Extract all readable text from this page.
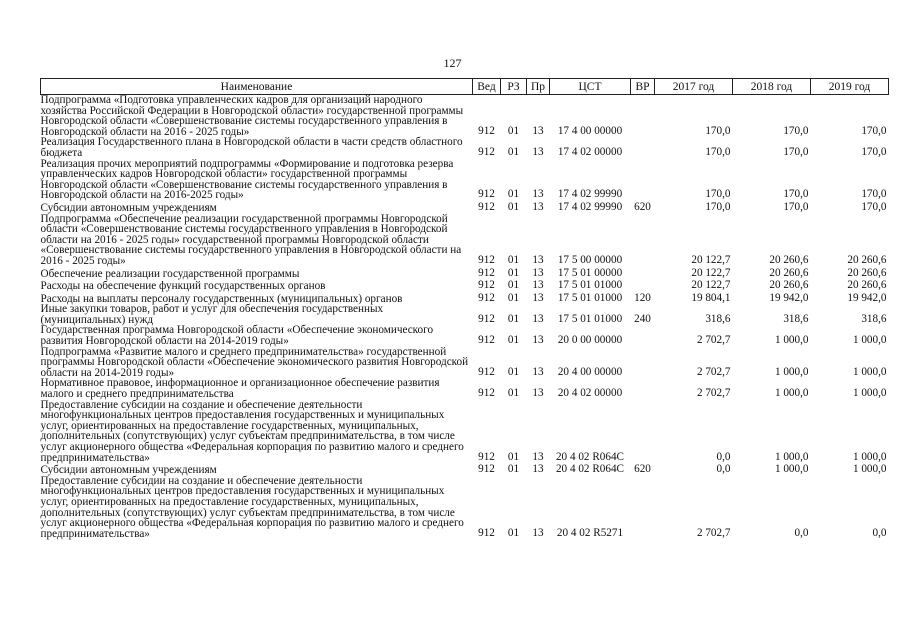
127
Наименование	Вед	РЗ	Пр	ЦСТ	ВР	2017 год	2018 год	2019 год
Подпрограмма «Подготовка управленческих кадров для организаций народного хозяйства Российской Федерации в Новгородской области» государственной программы Новгородской области «Совершенствование системы государственного управления в Новгородской области на 2016 - 2025 годы»	912	01	13	17 4 00 00000		170,0	170,0	170,0
Реализация Государственного плана в Новгородской области в части средств областного бюджета	912	01	13	17 4 02 00000		170,0	170,0	170,0
Реализация прочих мероприятий подпрограммы «Формирование и подготовка резерва управленческих кадров Новгородской области» государственной программы Новгородской области «Совершенствование системы государственного управления в Новгородской области на 2016-2025 годы»	912	01	13	17 4 02 99990		170,0	170,0	170,0
Субсидии автономным учреждениям	912	01	13	17 4 02 99990	620	170,0	170,0	170,0
Подпрограмма «Обеспечение реализации государственной программы Новгородской области «Совершенствование системы государственного управления в Новгородской области на 2016 - 2025 годы» государственной программы Новгородской области «Совершенствование системы государственного управления в Новгородской области на 2016 - 2025 годы»	912	01	13	17 5 00 00000		20 122,7	20 260,6	20 260,6
Обеспечение реализации государственной программы	912	01	13	17 5 01 00000		20 122,7	20 260,6	20 260,6
Расходы на обеспечение функций государственных органов	912	01	13	17 5 01 01000		20 122,7	20 260,6	20 260,6
Расходы на выплаты персоналу государственных (муниципальных) органов	912	01	13	17 5 01 01000	120	19 804,1	19 942,0	19 942,0
Иные закупки товаров, работ и услуг для обеспечения государственных (муниципальных) нужд	912	01	13	17 5 01 01000	240	318,6	318,6	318,6
Государственная программа Новгородской области «Обеспечение экономического развития Новгородской области на 2014-2019 годы»	912	01	13	20 0 00 00000		2 702,7	1 000,0	1 000,0
Подпрограмма «Развитие малого и среднего предпринимательства» государственной программы Новгородской области «Обеспечение экономического развития Новгородской области на 2014-2019 годы»	912	01	13	20 4 00 00000		2 702,7	1 000,0	1 000,0
Нормативное правовое, информационное и организационное обеспечение развития малого и среднего предпринимательства	912	01	13	20 4 02 00000		2 702,7	1 000,0	1 000,0
Предоставление субсидии на создание и обеспечение деятельности многофункциональных центров предоставления государственных и муниципальных услуг, ориентированных на предоставление государственных, муниципальных, дополнительных (сопутствующих) услуг субъектам предпринимательства, в том числе услуг акционерного общества «Федеральная корпорация по развитию малого и среднего предпринимательства»	912	01	13	20 4 02 R064C		0,0	1 000,0	1 000,0
Субсидии автономным учреждениям	912	01	13	20 4 02 R064C	620	0,0	1 000,0	1 000,0
Предоставление субсидии на создание и обеспечение деятельности многофункциональных центров предоставления государственных и муниципальных услуг, ориентированных на предоставление государственных, муниципальных, дополнительных (сопутствующих) услуг субъектам предпринимательства, в том числе услуг акционерного общества «Федеральная корпорация по развитию малого и среднего предпринимательства»	912	01	13	20 4 02 R5271		2 702,7	0,0	0,0
